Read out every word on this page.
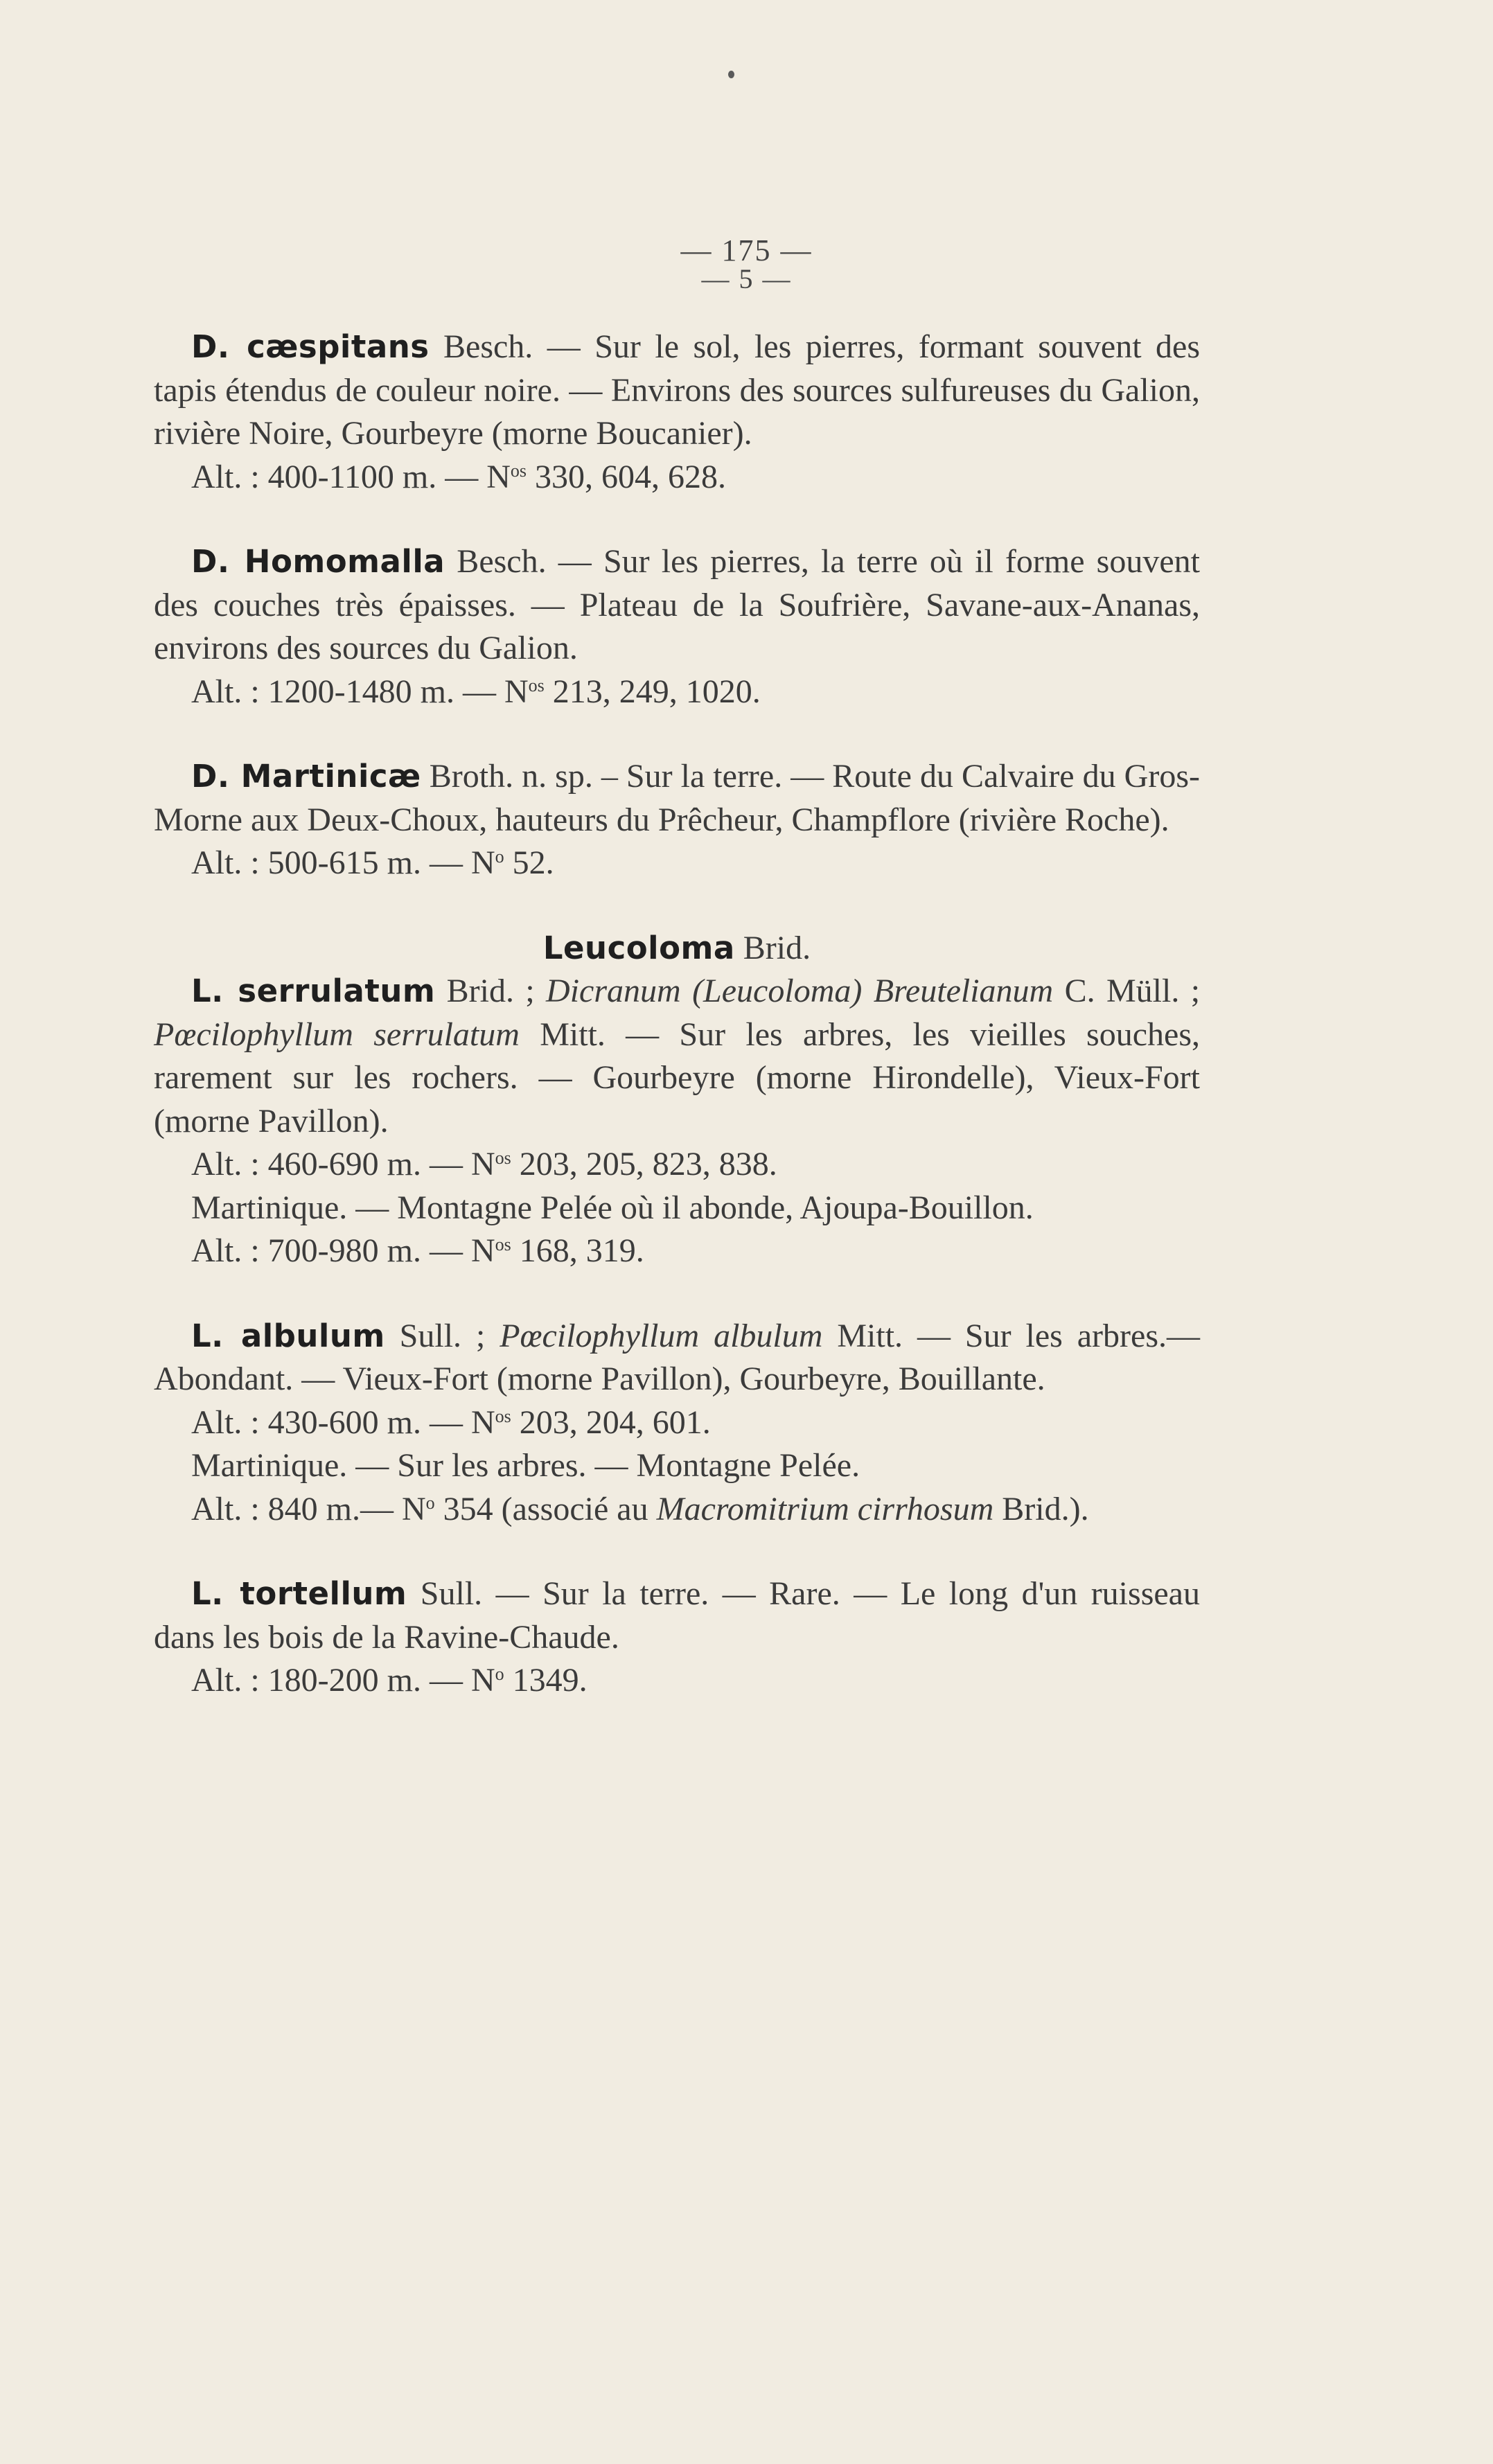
— 175 —
— 5 —

D. cæspitans Besch. — Sur le sol, les pierres, formant souvent des tapis étendus de couleur noire. — Environs des sources sulfureuses du Galion, rivière Noire, Gourbeyre (morne Boucanier).

Alt. : 400-1100 m. — $N^{os}$ 330, 604, 628.

D. Homomalla Besch. — Sur les pierres, la terre où il forme souvent des couches très épaisses. — Plateau de la Soufrière, Savane-aux-Ananas, environs des sources du Galion.

Alt. : 1200-1480 m. — $N^{os}$ 213, 249, 1020.

D. Martinicæ Broth. n. sp. – Sur la terre. — Route du Calvaire du Gros-Morne aux Deux-Choux, hauteurs du Prêcheur, Champflore (rivière Roche).

Alt. : 500-615 m. — $N^o$ 52.

Leucoloma Brid.

L. serrulatum Brid. ; Dicranum (Leucoloma) Breutelianum C. Müll. ; Pœcilophyllum serrulatum Mitt. — Sur les arbres, les vieilles souches, rarement sur les rochers. — Gourbeyre (morne Hirondelle), Vieux-Fort (morne Pavillon).

Alt. : 460-690 m. — $N^{os}$ 203, 205, 823, 838.

Martinique. — Montagne Pelée où il abonde, Ajoupa-Bouillon.

Alt. : 700-980 m. — $N^{os}$ 168, 319.

L. albulum Sull. ; Pœcilophyllum albulum Mitt. — Sur les arbres.— Abondant. — Vieux-Fort (morne Pavillon), Gourbeyre, Bouillante.

Alt. : 430-600 m. — $N^{os}$ 203, 204, 601.

Martinique. — Sur les arbres. — Montagne Pelée.

Alt. : 840 m.— $N^o$ 354 (associé au Macromitrium cirrhosum Brid.).

L. tortellum Sull. — Sur la terre. — Rare. — Le long d'un ruisseau dans les bois de la Ravine-Chaude.

Alt. : 180-200 m. — $N^o$ 1349.
